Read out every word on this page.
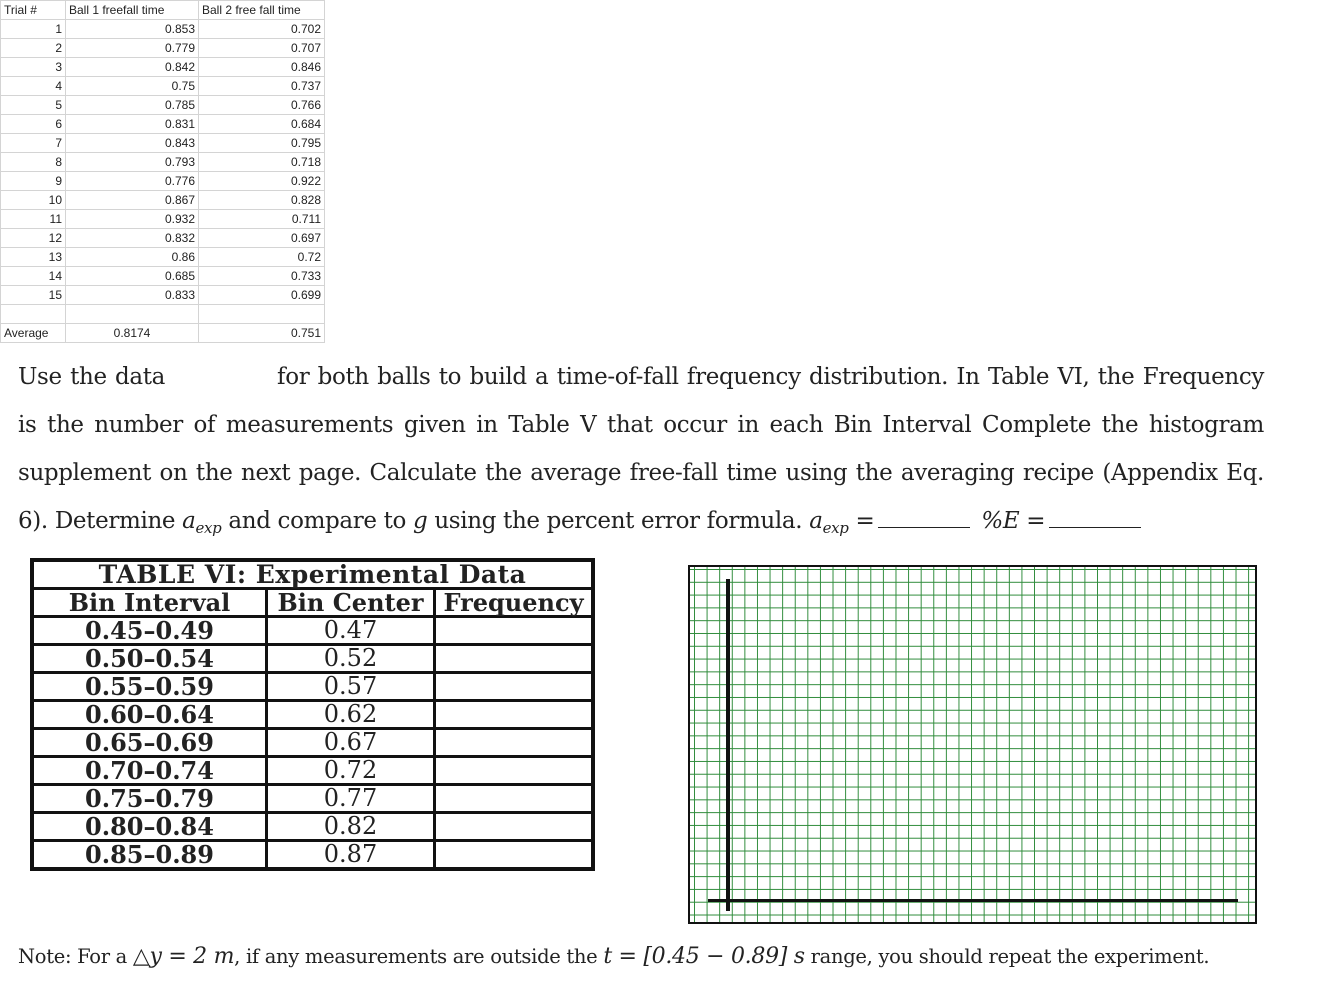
Trial #	Ball 1 freefall time	Ball 2 free fall time
1	0.853	0.702
2	0.779	0.707
3	0.842	0.846
4	0.75	0.737
5	0.785	0.766
6	0.831	0.684
7	0.843	0.795
8	0.793	0.718
9	0.776	0.922
10	0.867	0.828
11	0.932	0.711
12	0.832	0.697
13	0.86	0.72
14	0.685	0.733
15	0.833	0.699

Average	0.8174	0.751
Use the data	for both balls to build a time-of-fall frequency distribution. In Table VI, the Frequency
is the number of measurements given in Table V that occur in each Bin Interval Complete the histogram
supplement on the next page. Calculate the average free-fall time using the averaging recipe (Appendix Eq.
6). Determine $a_{exp}$ and compare to g using the percent error formula. $a_{exp}$ =	%E =
TABLE VI: Experimental Data		
Bin Interval	Bin Center	Frequency
0.45–0.49	0.47	
0.50–0.54	0.52	
0.55–0.59	0.57	
0.60–0.64	0.62	
0.65–0.69	0.67	
0.70–0.74	0.72	
0.75–0.79	0.77	
0.80–0.84	0.82	
0.85–0.89	0.87	
Note: For a △y = 2 m, if any measurements are outside the t = [0.45 − 0.89] s range, you should repeat the experiment.
